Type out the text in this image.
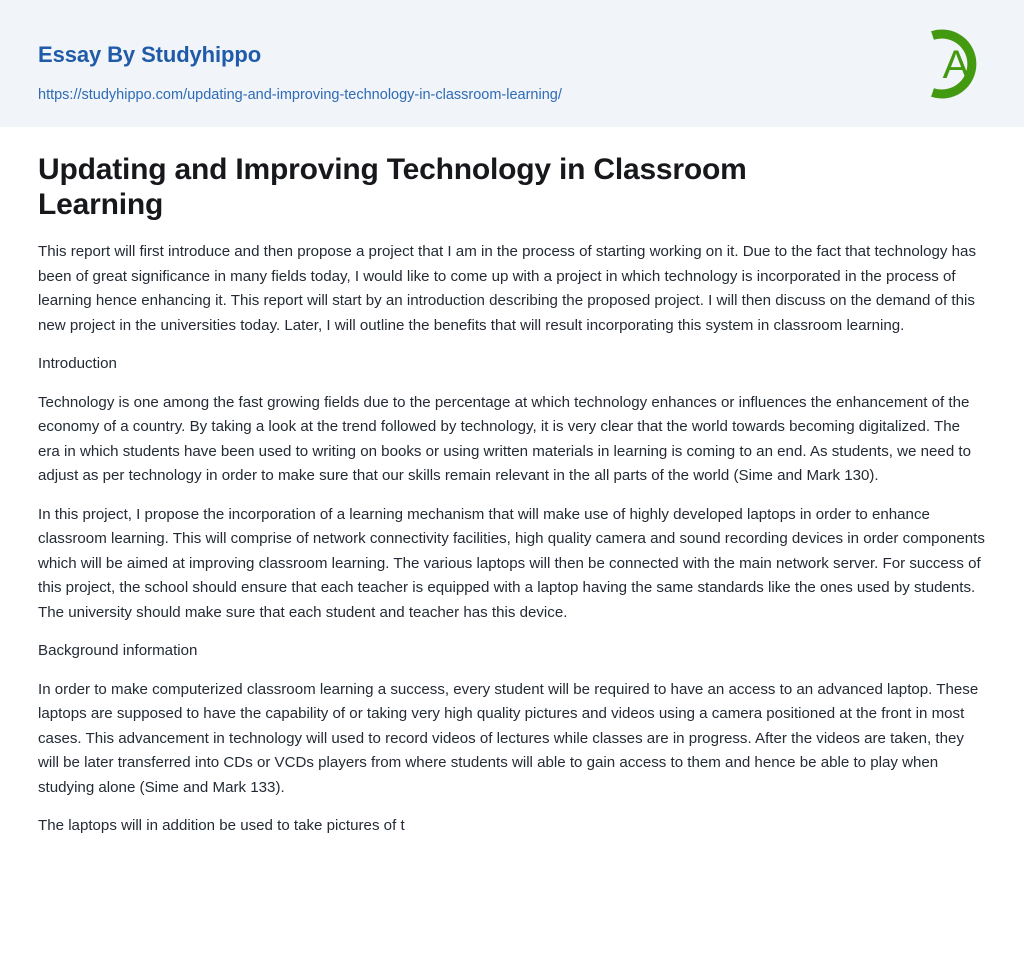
Essay By Studyhippo
https://studyhippo.com/updating-and-improving-technology-in-classroom-learning/
A
Updating and Improving Technology in Classroom Learning

This report will first introduce and then propose a project that I am in the process of starting working on it. Due to the fact that technology has been of great significance in many fields today, I would like to come up with a project in which technology is incorporated in the process of learning hence enhancing it. This report will start by an introduction describing the proposed project. I will then discuss on the demand of this new project in the universities today. Later, I will outline the benefits that will result incorporating this system in classroom learning.

Introduction

Technology is one among the fast growing fields due to the percentage at which technology enhances or influences the enhancement of the economy of a country. By taking a look at the trend followed by technology, it is very clear that the world towards becoming digitalized. The era in which students have been used to writing on books or using written materials in learning is coming to an end. As students, we need to adjust as per technology in order to make sure that our skills remain relevant in the all parts of the world (Sime and Mark 130).

In this project, I propose the incorporation of a learning mechanism that will make use of highly developed laptops in order to enhance classroom learning. This will comprise of network connectivity facilities, high quality camera and sound recording devices in order components which will be aimed at improving classroom learning. The various laptops will then be connected with the main network server. For success of this project, the school should ensure that each teacher is equipped with a laptop having the same standards like the ones used by students. The university should make sure that each student and teacher has this device.

Background information

In order to make computerized classroom learning a success, every student will be required to have an access to an advanced laptop. These laptops are supposed to have the capability of or taking very high quality pictures and videos using a camera positioned at the front in most cases. This advancement in technology will used to record videos of lectures while classes are in progress. After the videos are taken, they will be later transferred into CDs or VCDs players from where students will able to gain access to them and hence be able to play when studying alone (Sime and Mark 133).

The laptops will in addition be used to take pictures of t
